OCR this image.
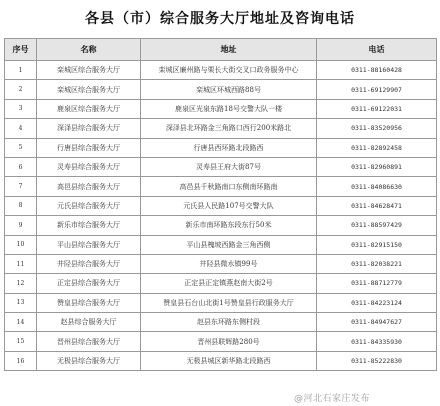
各县（市）综合服务大厅地址及咨询电话
序号	名称	地址	电话
1	栾城区综合服务大厅	栾城区廉州路与栗长大街交叉口政务服务中心	0311-88160428
2	栾城区综合服务大厅	栾城区环城西路88号	0311-69129907
3	鹿泉区综合服务大厅	鹿泉区光泉东路18号交警大队一楼	0311-69122031
4	深泽县综合服务大厅	深泽县北环路金三角路口西行200米路北	0311-83520956
5	行唐县综合服务大厅	行唐县西环路北段路西	0311-82892458
6	灵寿县综合服务大厅	灵寿县王府大街87号	0311-82960891
7	高邑县综合服务大厅	高邑县千秋路南口东侧南环路南	0311-84086630
8	元氏县综合服务大厅	元氏县人民路107号交警大队	0311-84628471
9	新乐市综合服务大厅	新乐市南环路东段东行50米	0311-88597429
10	平山县综合服务大厅	平山县槐坡西路金三角西侧	0311-82915150
11	井陉县综合服务大厅	井陉县微水镇99号	0311-82038221
12	正定县综合服务大厅	正定县正定镇燕赵南大街2号	0311-88712779
13	赞皇县综合服务大厅	赞皇县石台山北街1号赞皇县行政服务大厅	0311-84223124
14	赵县综合服务大厅	赵县东环路东侧村段	0311-84947627
15	晋州县综合服务大厅	晋州县联辉路280号	0311-84335930
16	无极县综合服务大厅	无极县城区新华路北段路西	0311-85222830
@河北石家庄发布
